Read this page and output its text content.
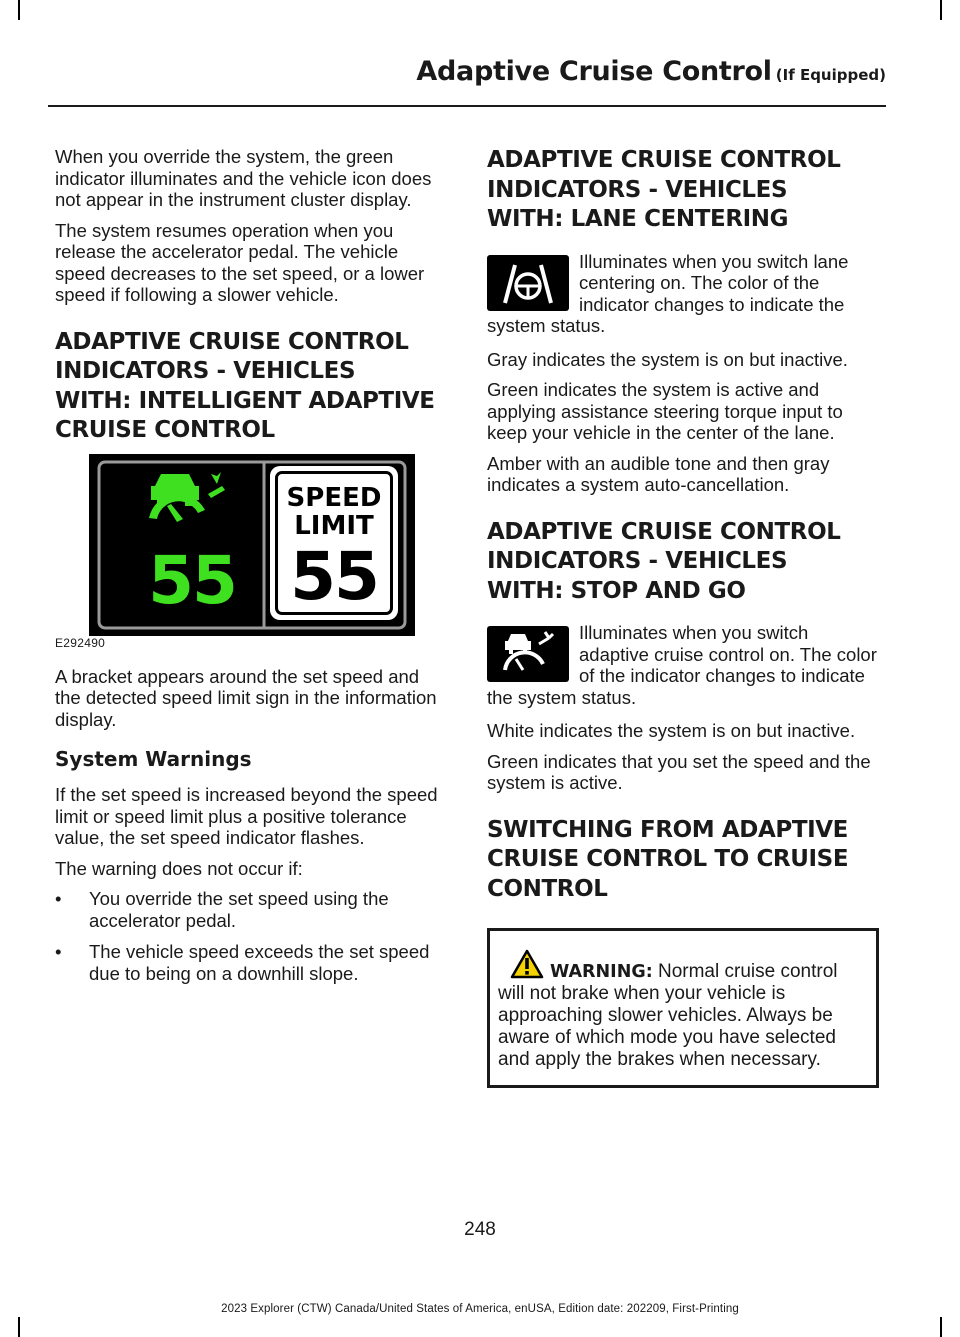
Adaptive Cruise Control (If Equipped)

When you override the system, the green indicator illuminates and the vehicle icon does not appear in the instrument cluster display.

The system resumes operation when you release the accelerator pedal. The vehicle speed decreases to the set speed, or a lower speed if following a slower vehicle.

ADAPTIVE CRUISE CONTROL
INDICATORS - VEHICLES
WITH: INTELLIGENT ADAPTIVE
CRUISE CONTROL
55
SPEED
LIMIT
55
E292490

A bracket appears around the set speed and the detected speed limit sign in the information display.

System Warnings

If the set speed is increased beyond the speed limit or speed limit plus a positive tolerance value, the set speed indicator flashes.

The warning does not occur if:

• You override the set speed using the accelerator pedal.
• The vehicle speed exceeds the set speed due to being on a downhill slope.
ADAPTIVE CRUISE CONTROL
INDICATORS - VEHICLES
WITH: LANE CENTERING

Illuminates when you switch lane centering on. The color of the indicator changes to indicate the system status.

Gray indicates the system is on but inactive.

Green indicates the system is active and applying assistance steering torque input to keep your vehicle in the center of the lane.

Amber with an audible tone and then gray indicates a system auto-cancellation.

ADAPTIVE CRUISE CONTROL
INDICATORS - VEHICLES
WITH: STOP AND GO

Illuminates when you switch adaptive cruise control on. The color of the indicator changes to indicate the system status.

White indicates the system is on but inactive.

Green indicates that you set the speed and the system is active.

SWITCHING FROM ADAPTIVE
CRUISE CONTROL TO CRUISE
CONTROL

WARNING: Normal cruise control will not brake when your vehicle is approaching slower vehicles. Always be aware of which mode you have selected and apply the brakes when necessary.

248
2023 Explorer (CTW) Canada/United States of America, enUSA, Edition date: 202209, First-Printing
